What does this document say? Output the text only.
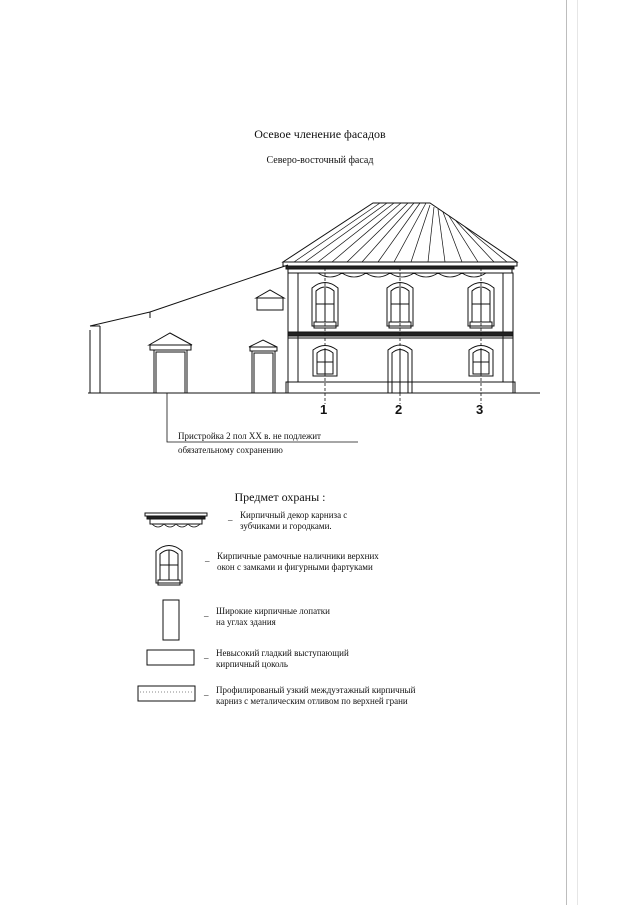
Осевое членение фасадов
Северо-восточный фасад
1	2	3
Пристройка 2 пол XX в. не подлежит
обязательному сохранению
Предмет охраны :
_ Кирпичный декор карниза с
зубчиками и городками.
_ Кирпичные рамочные наличники верхних
окон с замками и фигурными фартуками
_ Широкие кирпичные лопатки
на углах здания
_ Невысокий гладкий выступающий
кирпичный цоколь
_ Профилированый узкий междуэтажный кирпичный
карниз с металическим отливом по верхней грани
